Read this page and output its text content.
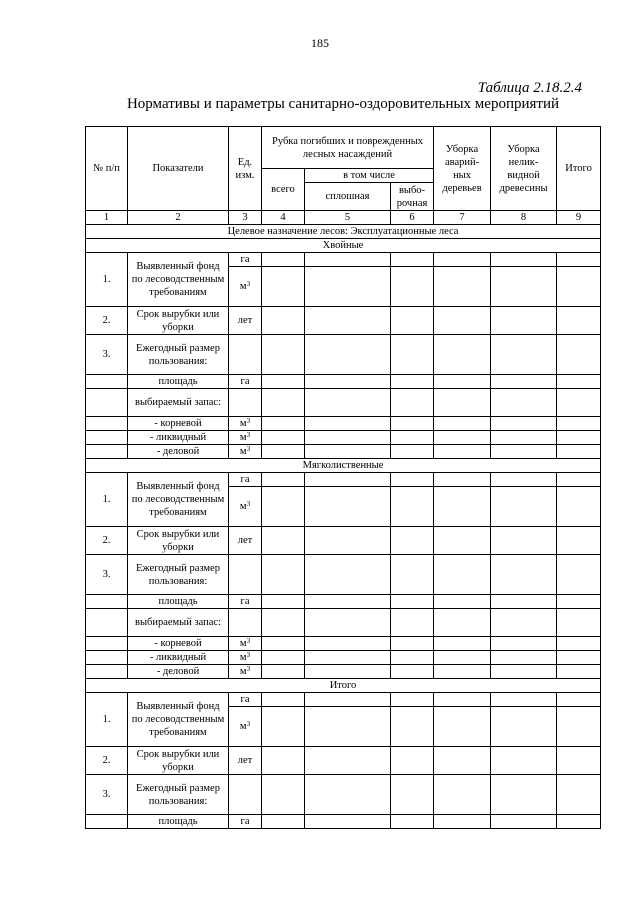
185
Таблица 2.18.2.4
Нормативы и параметры санитарно-оздоровительных мероприятий
№ п/п	Показатели	Ед. изм.	Рубка погибших и поврежденных лесных насаждений			Уборка аварий-ных деревьев	Уборка нелик-видной древесины	Итого
			всего	в том числе				
				сплошная	выбо-рочная			
1	2	3	4	5	6	7	8	9
Целевое назначение лесов: Эксплуатационные леса								
Хвойные								
1.	Выявленный фонд по лесоводственным требованиям	га						
		$м^3$						
2.	Срок вырубки или уборки	лет						
3.	Ежегодный размер пользования:							
	площадь	га						
	выбираемый запас:							
	- корневой	$м^3$						
	- ликвидный	$м^3$						
	- деловой	$м^3$						
Мягколиственные								
1.	Выявленный фонд по лесоводственным требованиям	га						
		$м^3$						
2.	Срок вырубки или уборки	лет						
3.	Ежегодный размер пользования:							
	площадь	га						
	выбираемый запас:							
	- корневой	$м^3$						
	- ликвидный	$м^3$						
	- деловой	$м^3$						
Итого								
1.	Выявленный фонд по лесоводственным требованиям	га						
		$м^3$						
2.	Срок вырубки или уборки	лет						
3.	Ежегодный размер пользования:							
	площадь	га						
